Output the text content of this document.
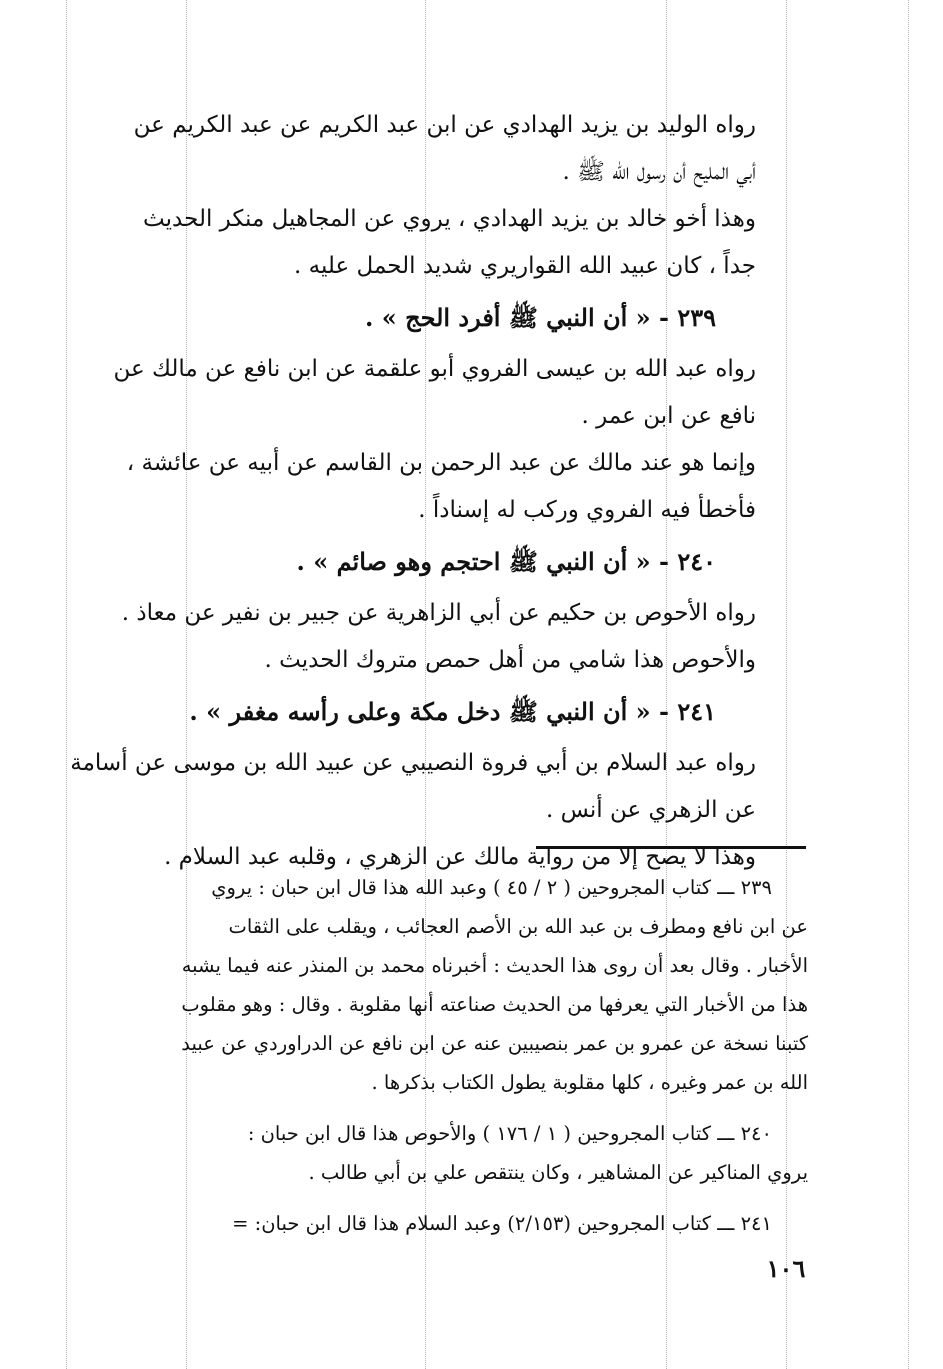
رواه الوليد بن يزيد الهدادي عن ابن عبد الكريم عن عبد الكريم عن
أبي المليح أن رسول الله ﷺ .
وهذا أخو خالد بن يزيد الهدادي ، يروي عن المجاهيل منكر الحديث
جداً ، كان عبيد الله القواريري شديد الحمل عليه .
٢٣٩ - « أن النبي ﷺ أفرد الحج » .
رواه عبد الله بن عيسى الفروي أبو علقمة عن ابن نافع عن مالك عن
نافع عن ابن عمر .
وإنما هو عند مالك عن عبد الرحمن بن القاسم عن أبيه عن عائشة ،
فأخطأ فيه الفروي وركب له إسناداً .
٢٤٠ - « أن النبي ﷺ احتجم وهو صائم » .
رواه الأحوص بن حكيم عن أبي الزاهرية عن جبير بن نفير عن معاذ .
والأحوص هذا شامي من أهل حمص متروك الحديث .
٢٤١ - « أن النبي ﷺ دخل مكة وعلى رأسه مغفر » .
رواه عبد السلام بن أبي فروة النصيبي عن عبيد الله بن موسى عن أسامة
عن الزهري عن أنس .
وهذا لا يصح إلا من رواية مالك عن الزهري ، وقلبه عبد السلام .
٢٣٩ ـــ كتاب المجروحين ( ٢ / ٤٥ ) وعبد الله هذا قال ابن حبان : يروي
عن ابن نافع ومطرف بن عبد الله بن الأصم العجائب ، ويقلب على الثقات
الأخبار . وقال بعد أن روى هذا الحديث : أخبرناه محمد بن المنذر عنه فيما يشبه
هذا من الأخبار التي يعرفها من الحديث صناعته أنها مقلوبة . وقال : وهو مقلوب
كتبنا نسخة عن عمرو بن عمر بنصيبين عنه عن ابن نافع عن الدراوردي عن عبيد
الله بن عمر وغيره ، كلها مقلوبة يطول الكتاب بذكرها .
٢٤٠ ـــ كتاب المجروحين ( ١ / ١٧٦ ) والأحوص هذا قال ابن حبان :
يروي المناكير عن المشاهير ، وكان ينتقص علي بن أبي طالب .
٢٤١ ـــ كتاب المجروحين (٢/١٥٣) وعبد السلام هذا قال ابن حبان: =
١٠٦
